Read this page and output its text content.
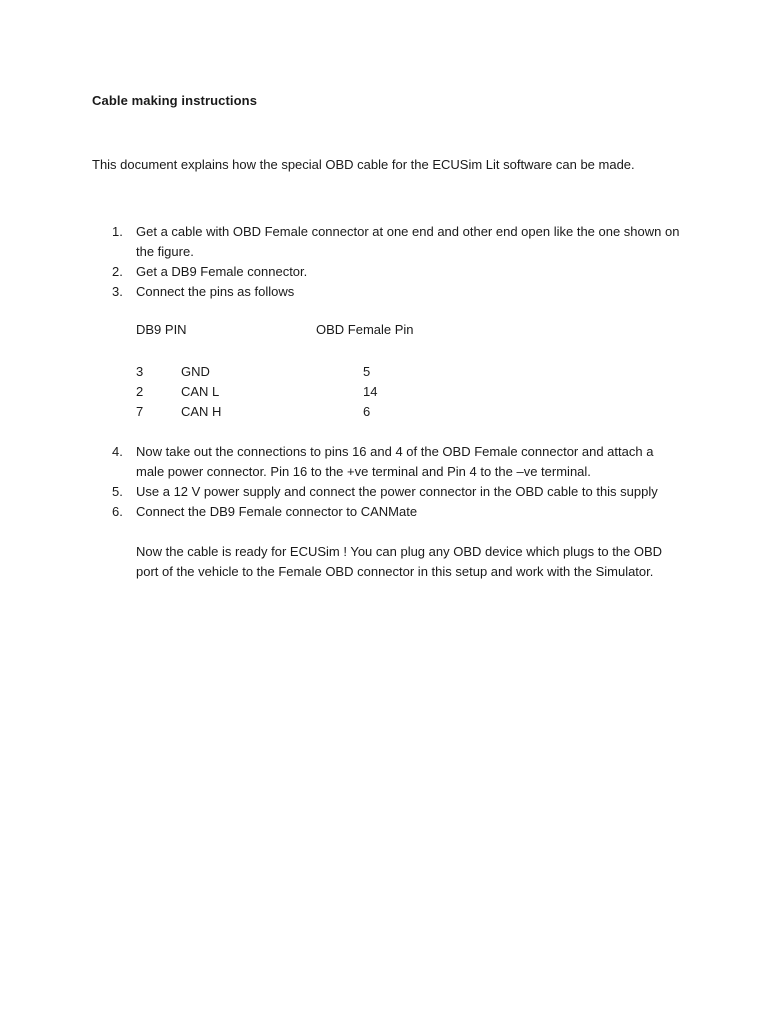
Cable making instructions
This document explains how the special OBD cable for the ECUSim Lit software can be made.
1. Get a cable with OBD Female connector at one end and other end open like the one shown on the figure.
2. Get a DB9 Female connector.
3. Connect the pins as follows
DB9 PIN	OBD Female Pin
3	GND	5
2	CAN L	14
7	CAN H	6
4. Now take out the connections to pins 16 and 4 of the OBD Female connector and attach a male power connector. Pin 16 to the +ve terminal and Pin 4 to the –ve terminal.
5. Use a 12 V power supply and connect the power connector in the OBD cable to this supply
6. Connect the DB9 Female connector to CANMate
Now the cable is ready for ECUSim ! You can plug any OBD device which plugs to the OBD port of the vehicle to the Female OBD connector in this setup and work with the Simulator.
